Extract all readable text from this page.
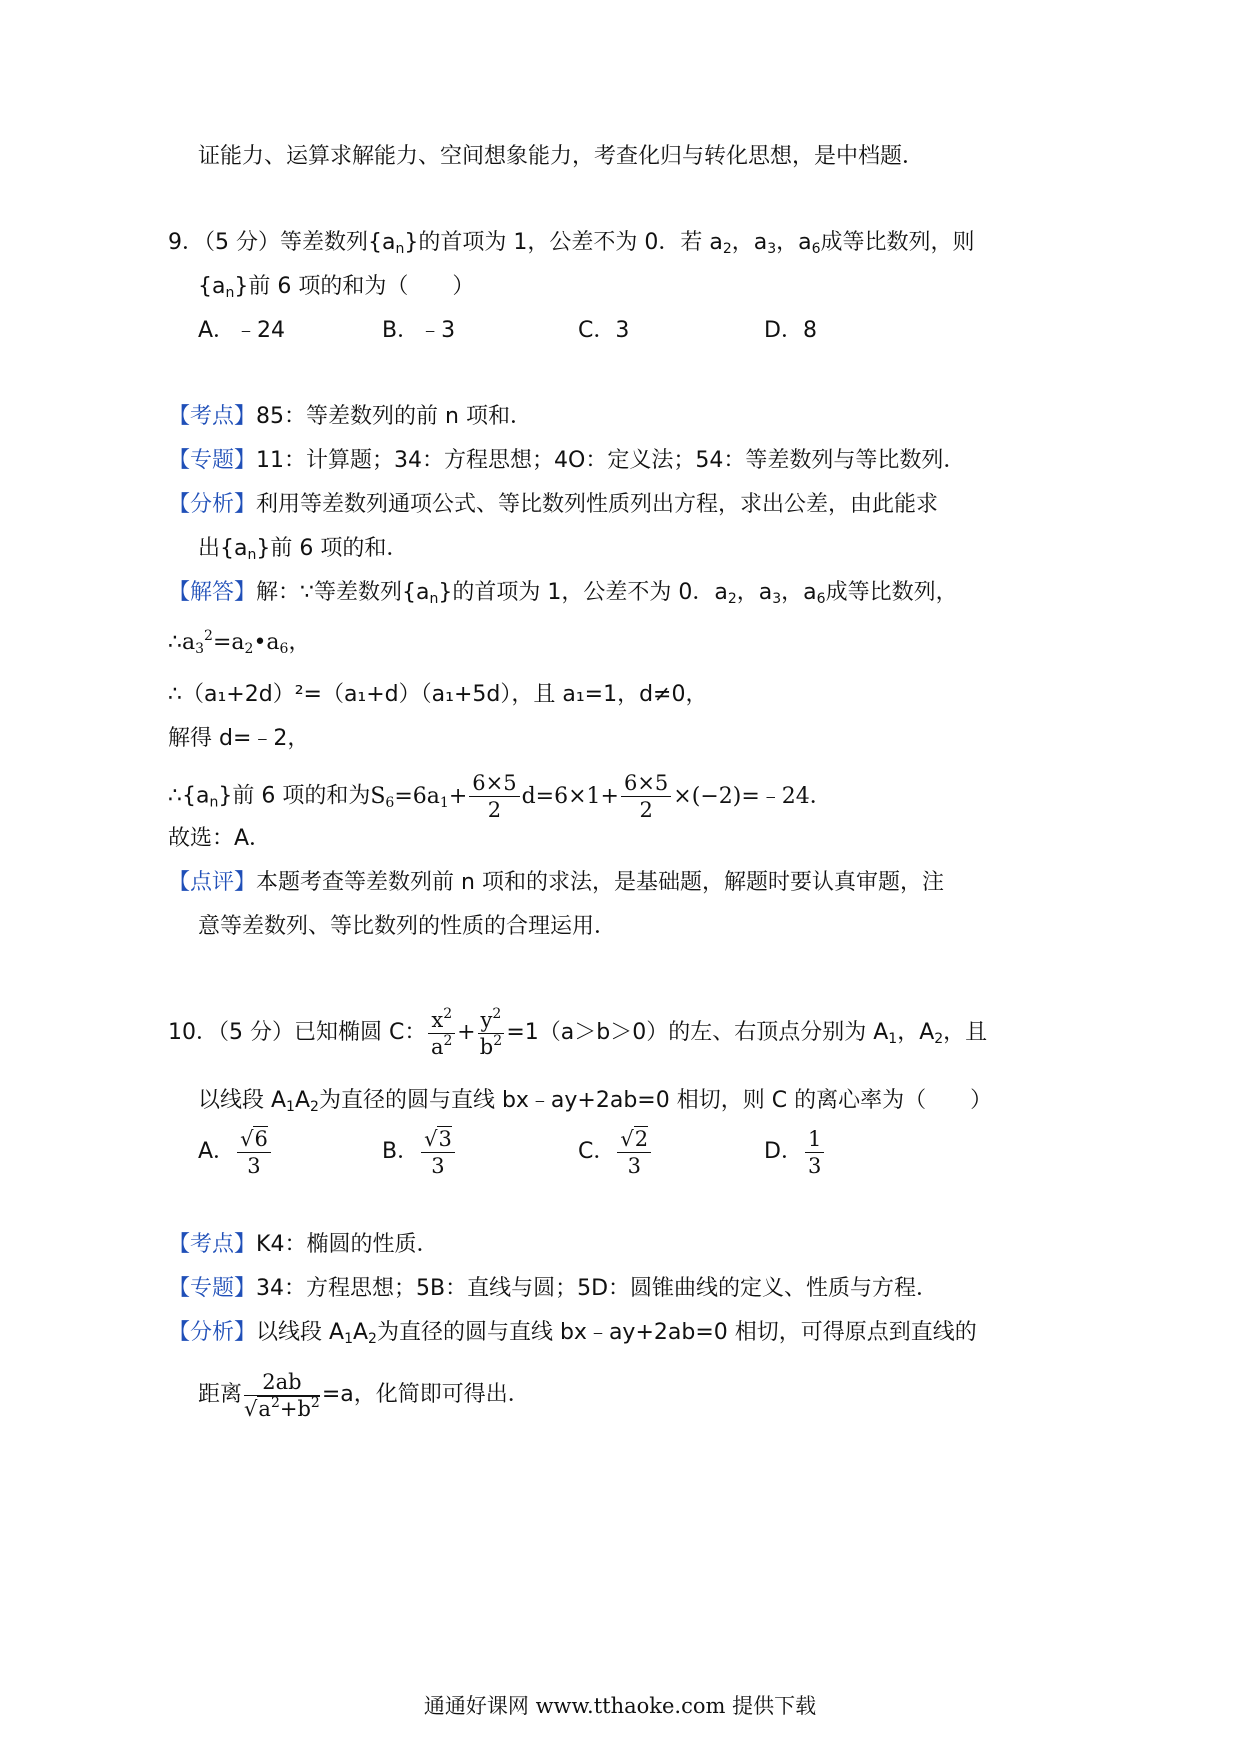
证能力、运算求解能力、空间想象能力，考查化归与转化思想，是中档题．
9．（5 分）等差数列$\{a_n\}$的首项为 1，公差不为 0．若 $a_2$，$a_3$，$a_6$成等比数列，则
$\{a_n\}$前 6 项的和为（　　）
A．﹣24	B．﹣3	C．3	D．8
【考点】85：等差数列的前 n 项和．
【专题】11：计算题；34：方程思想；4O：定义法；54：等差数列与等比数列．
【分析】利用等差数列通项公式、等比数列性质列出方程，求出公差，由此能求
出$\{a_n\}$前 6 项的和．
【解答】解：∵等差数列$\{a_n\}$的首项为 1，公差不为 0．$a_2$，$a_3$，$a_6$成等比数列，
$\therefore a_3^2=a_2•a_6$，
∴（a₁+2d）²=（a₁+d）（a₁+5d），且 a₁=1，d≠0，
解得 d=﹣2，
$\therefore\{a_n\}$前 6 项的和为$S_6=6a_1+ \frac{6\times 5}{2} d=6\times 1+ \frac{6\times 5}{2}$ ×(−2)=﹣24．
故选：A．
【点评】本题考查等差数列前 n 项和的求法，是基础题，解题时要认真审题，注
意等差数列、等比数列的性质的合理运用．
10．（5 分）已知椭圆 C： $\frac{x^2}{a^2} + \frac{y^2}{b^2} =1(a>b>0)$的左、右顶点分别为 $A_1$，$A_2$，且
以线段 $A_1A_2$为直径的圆与直线 bx﹣ay+2ab=0 相切，则 C 的离心率为（　　）
A． $\frac{√6}{3}$	B． $\frac{√3}{3}$	C． $\frac{√2}{3}$	D． $\frac{1}{3}$
【考点】K4：椭圆的性质．
【专题】34：方程思想；5B：直线与圆；5D：圆锥曲线的定义、性质与方程．
【分析】以线段 $A_1A_2$为直径的圆与直线 bx﹣ay+2ab=0 相切，可得原点到直线的
距离 $\frac{2ab}{√a^2+b^2} =a$，化简即可得出．
通通好课网 www.tthaoke.com 提供下载
